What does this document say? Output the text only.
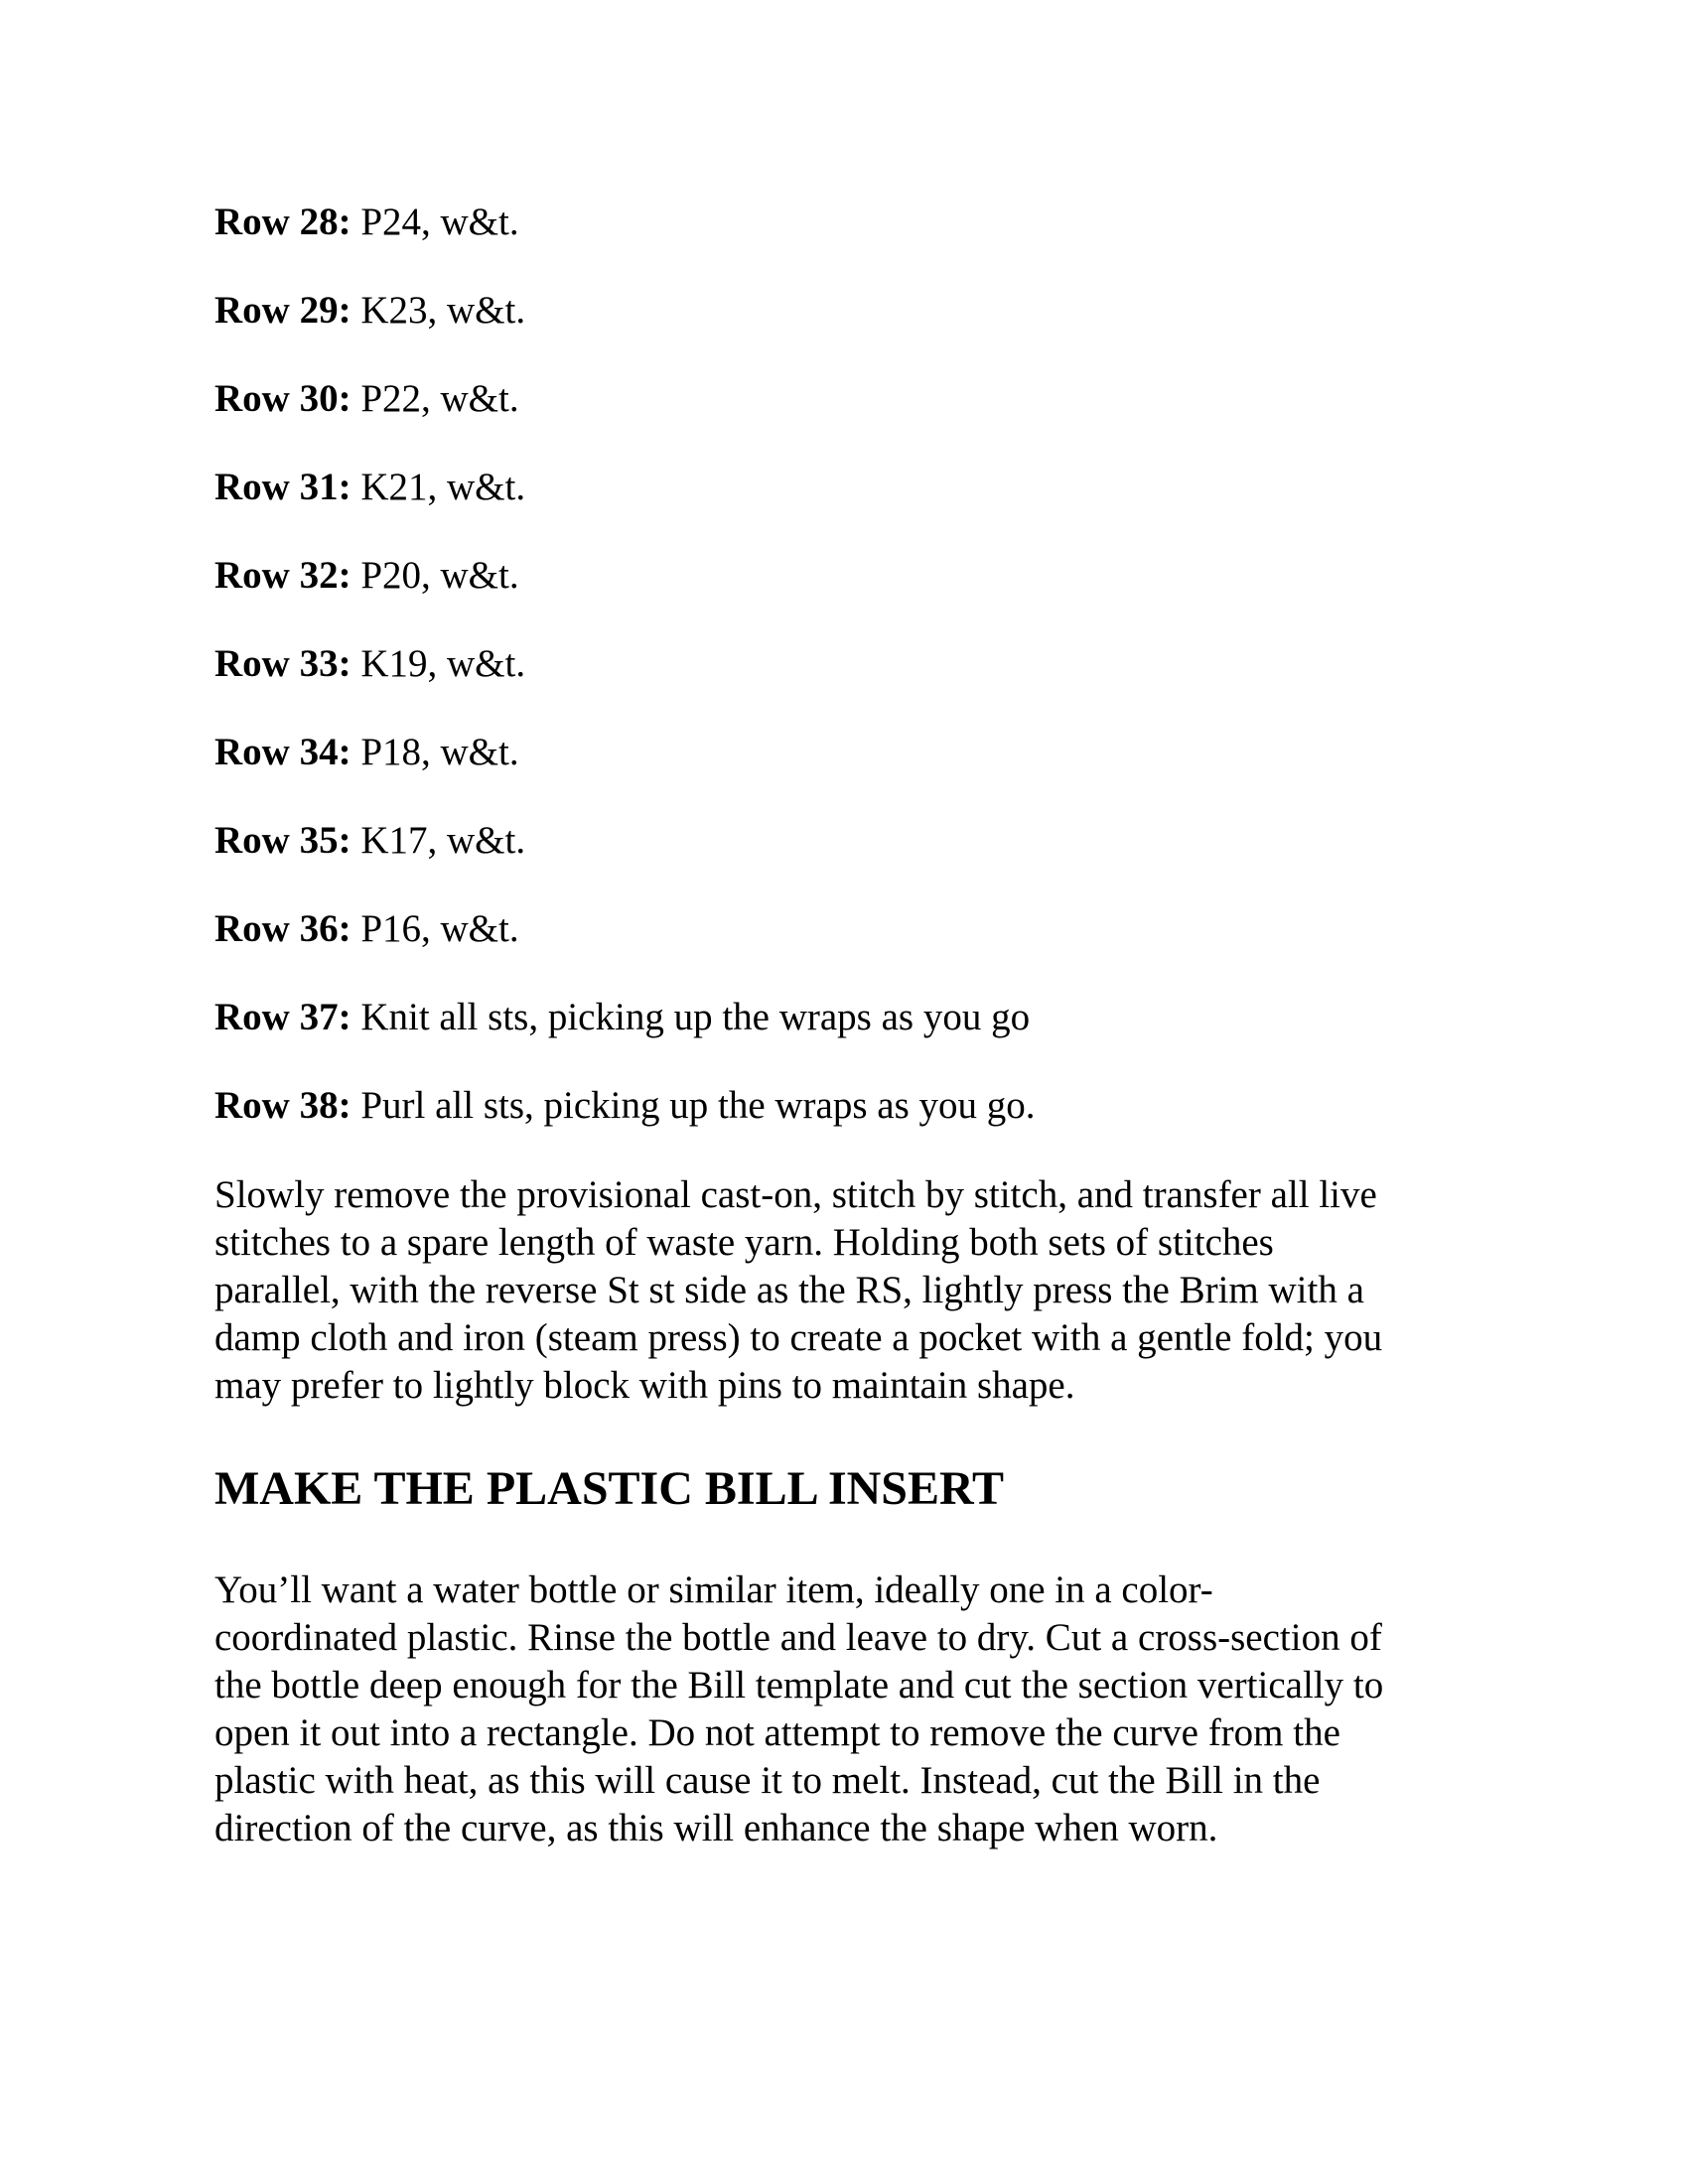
Row 28: P24, w&t.
Row 29: K23, w&t.
Row 30: P22, w&t.
Row 31: K21, w&t.
Row 32: P20, w&t.
Row 33: K19, w&t.
Row 34: P18, w&t.
Row 35: K17, w&t.
Row 36: P16, w&t.
Row 37: Knit all sts, picking up the wraps as you go
Row 38: Purl all sts, picking up the wraps as you go.
Slowly remove the provisional cast-on, stitch by stitch, and transfer all live
stitches to a spare length of waste yarn. Holding both sets of stitches
parallel, with the reverse St st side as the RS, lightly press the Brim with a
damp cloth and iron (steam press) to create a pocket with a gentle fold; you
may prefer to lightly block with pins to maintain shape.
MAKE THE PLASTIC BILL INSERT
You’ll want a water bottle or similar item, ideally one in a color-
coordinated plastic. Rinse the bottle and leave to dry. Cut a cross-section of
the bottle deep enough for the Bill template and cut the section vertically to
open it out into a rectangle. Do not attempt to remove the curve from the
plastic with heat, as this will cause it to melt. Instead, cut the Bill in the
direction of the curve, as this will enhance the shape when worn.
